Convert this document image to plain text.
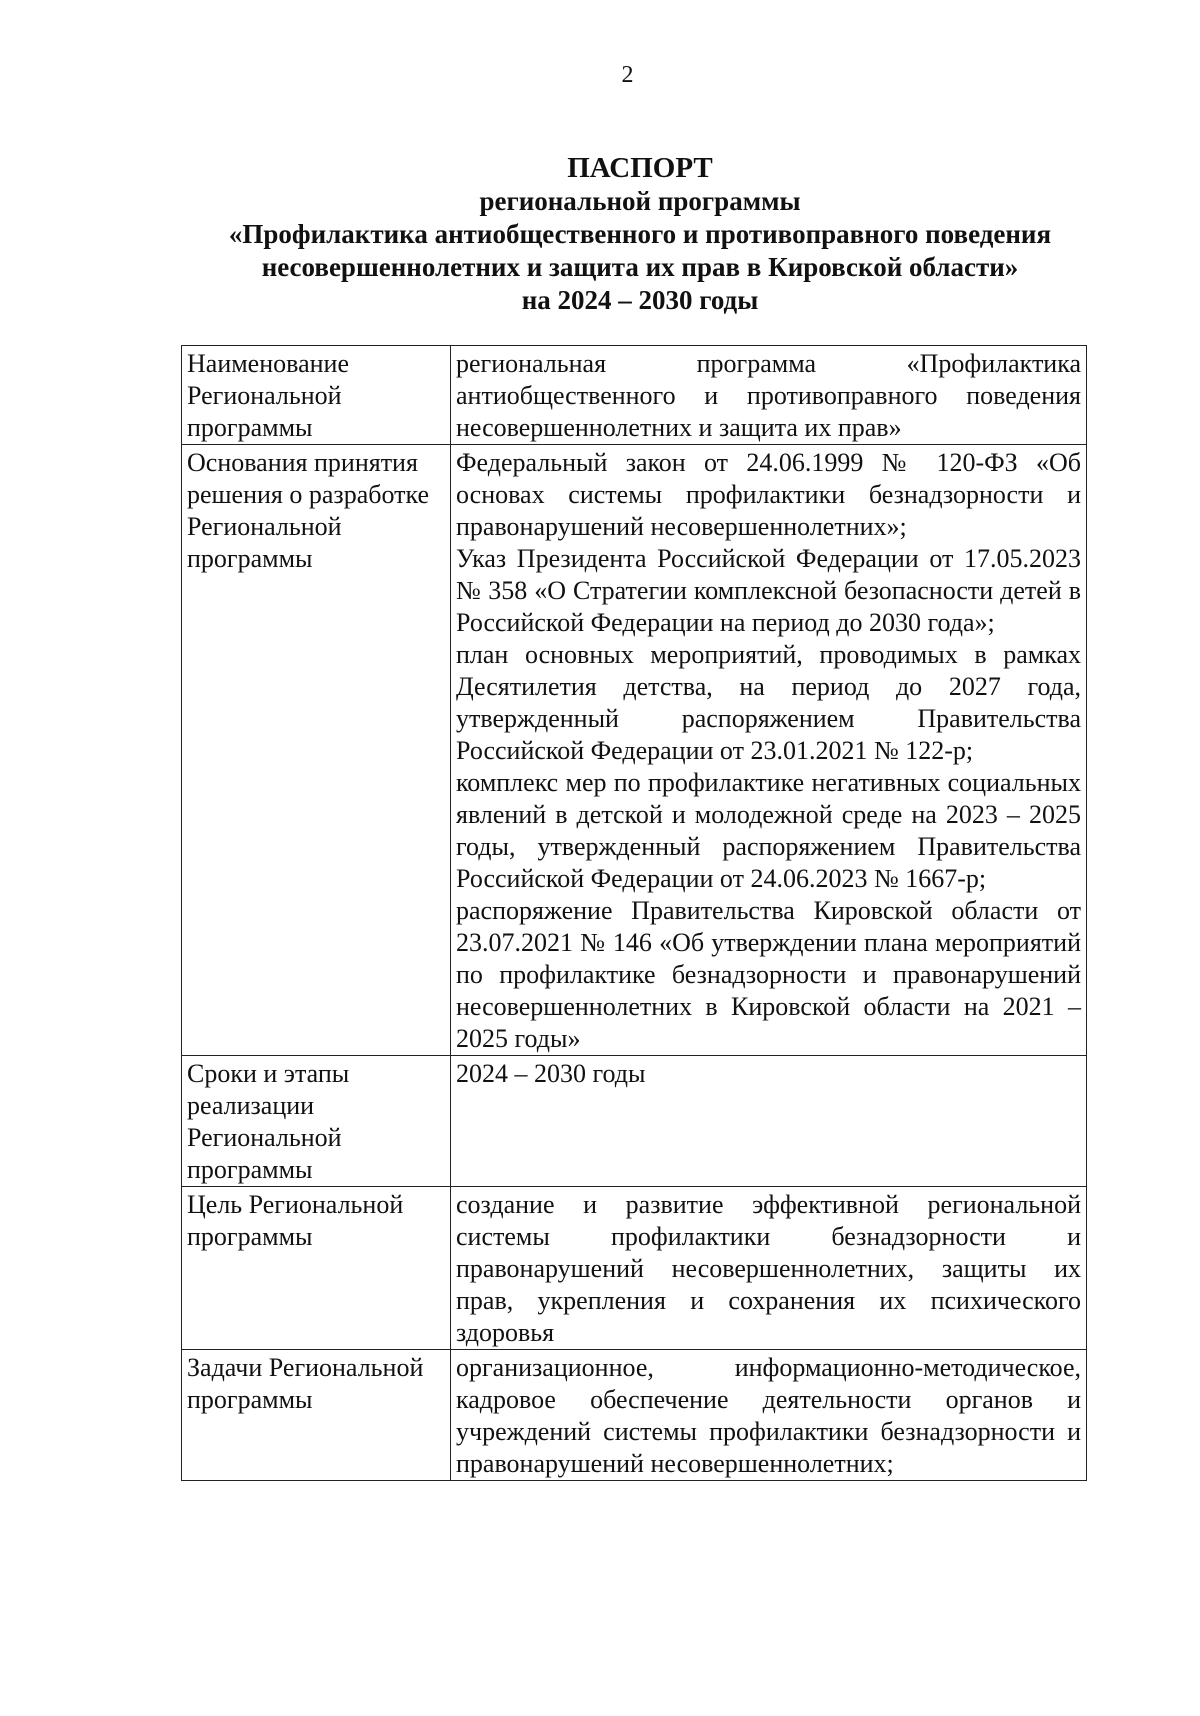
2
ПАСПОРТ
региональной программы
«Профилактика антиобщественного и противоправного поведения
несовершеннолетних и защита их прав в Кировской области»
на 2024 – 2030 годы
Наименование Региональной программы	региональная программа «Профилактика антиобщественного и противоправного поведения несовершеннолетних и защита их прав»

Основания принятия решения о разработке Региональной программы	Федеральный закон от 24.06.1999 № 120-ФЗ «Об основах системы профилактики безнадзорности и правонарушений несовершеннолетних»;
Указ Президента Российской Федерации от 17.05.2023 № 358 «О Стратегии комплексной безопасности детей в Российской Федерации на период до 2030 года»;
план основных мероприятий, проводимых в рамках Десятилетия детства, на период до 2027 года, утвержденный распоряжением Правительства Российской Федерации от 23.01.2021 № 122-р;
комплекс мер по профилактике негативных социальных явлений в детской и молодежной среде на 2023 – 2025 годы, утвержденный распоряжением Правительства Российской Федерации от 24.06.2023 № 1667-р;
распоряжение Правительства Кировской области от 23.07.2021 № 146 «Об утверждении плана мероприятий по профилактике безнадзорности и правонарушений несовершеннолетних в Кировской области на 2021 – 2025 годы»

Сроки и этапы реализации Региональной программы	2024 – 2030 годы

Цель Региональной программы	создание и развитие эффективной региональной системы профилактики безнадзорности и правонарушений несовершеннолетних, защиты их прав, укрепления и сохранения их психического здоровья

Задачи Региональной программы	организационное, информационно-методическое, кадровое обеспечение деятельности органов и учреждений системы профилактики безнадзорности и правонарушений несовершеннолетних;
